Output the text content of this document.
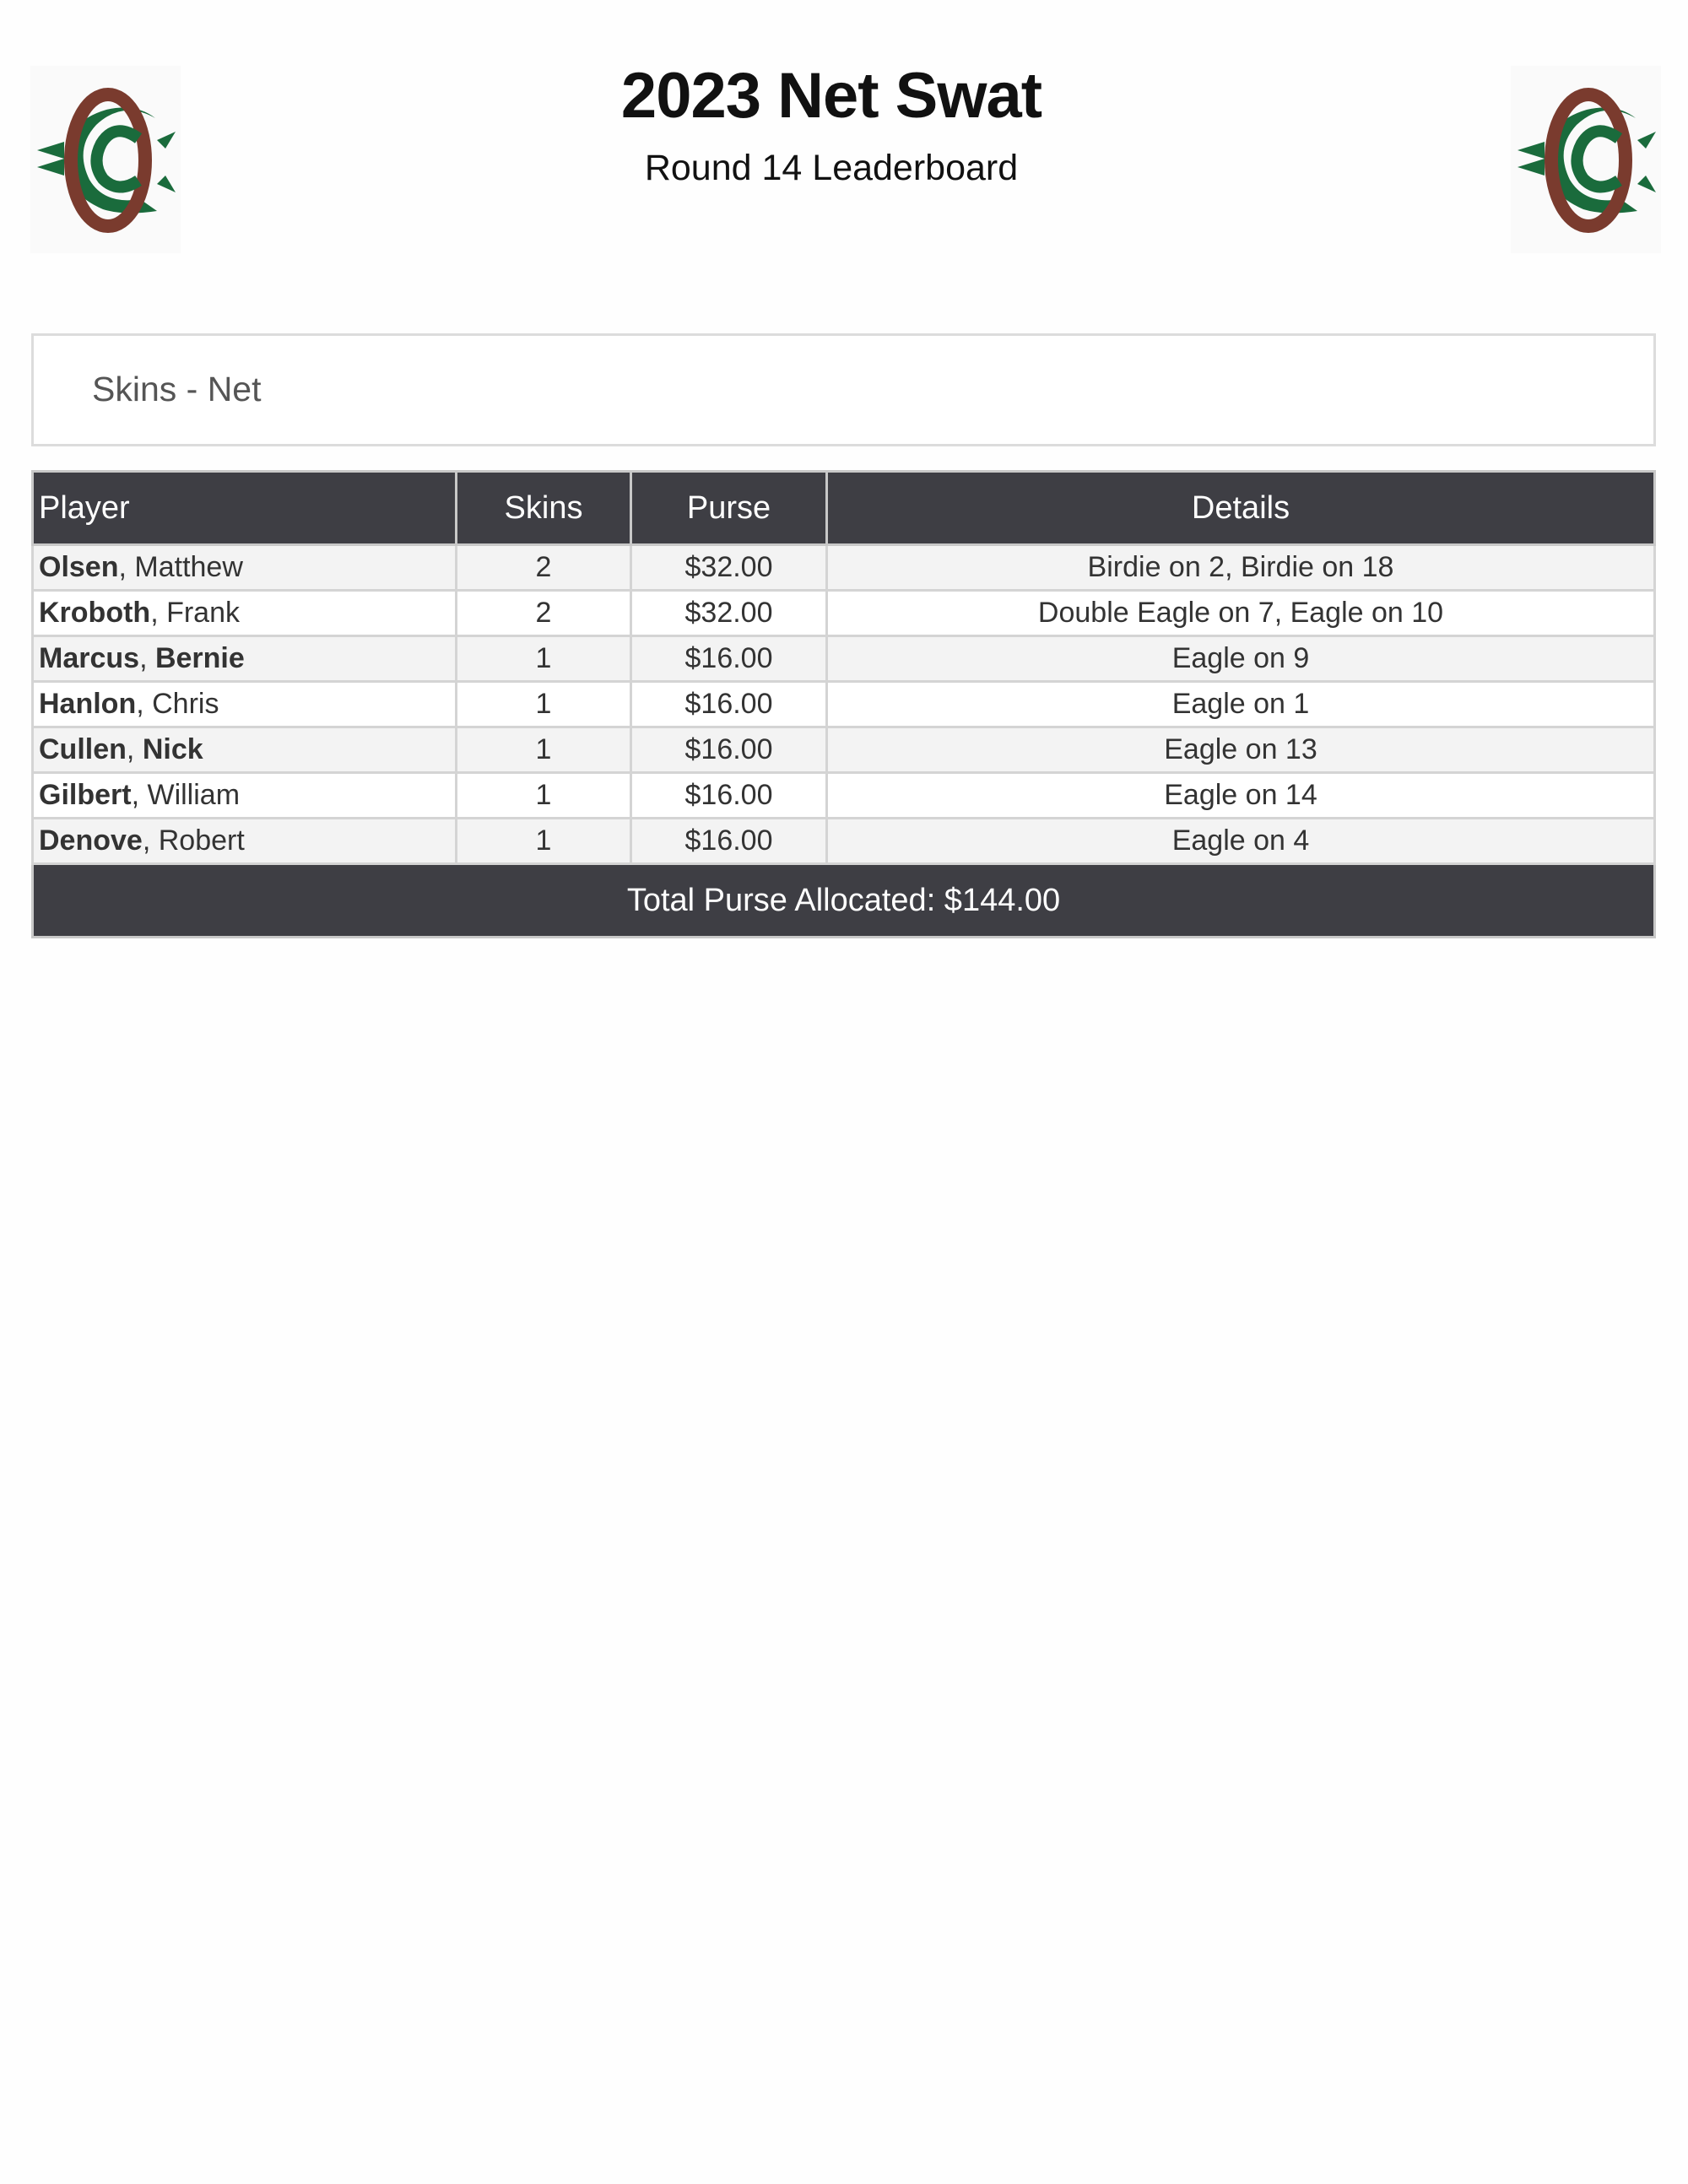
2023 Net Swat
Round 14 Leaderboard
Skins - Net
Player	Skins	Purse	Details
Olsen, Matthew	2	$32.00	Birdie on 2, Birdie on 18
Kroboth, Frank	2	$32.00	Double Eagle on 7, Eagle on 10
Marcus, Bernie	1	$16.00	Eagle on 9
Hanlon, Chris	1	$16.00	Eagle on 1
Cullen, Nick	1	$16.00	Eagle on 13
Gilbert, William	1	$16.00	Eagle on 14
Denove, Robert	1	$16.00	Eagle on 4
Total Purse Allocated: $144.00			
